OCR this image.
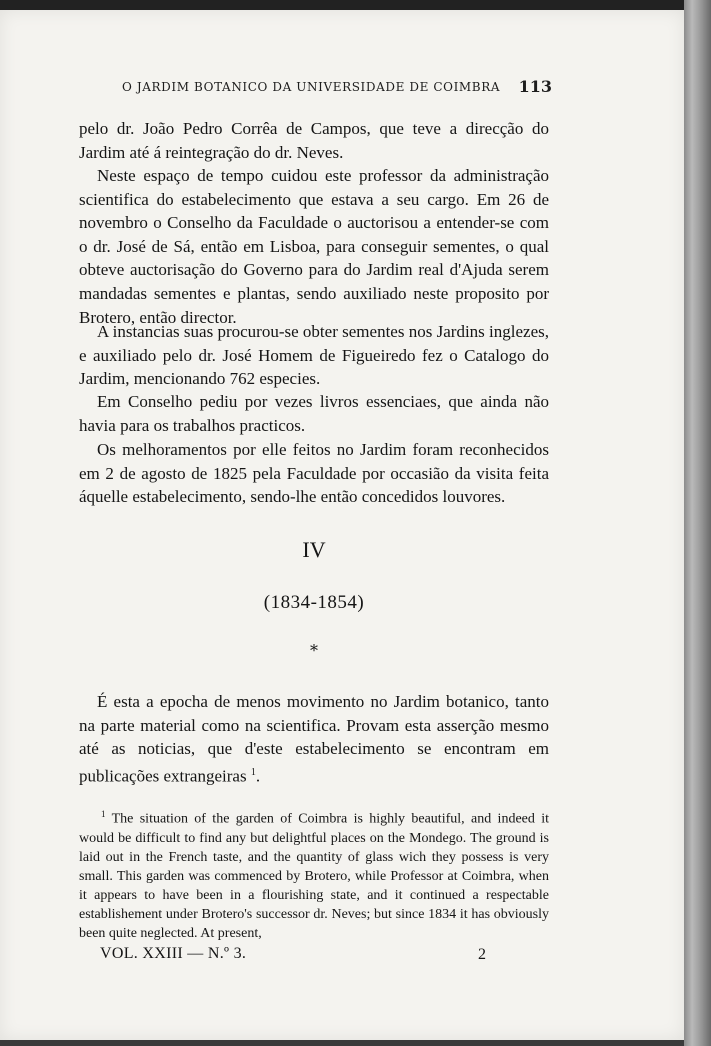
O JARDIM BOTANICO DA UNIVERSIDADE DE COIMBRA 113

pelo dr. João Pedro Corrêa de Campos, que teve a direcção do Jardim até á reintegração do dr. Neves.

Neste espaço de tempo cuidou este professor da administração scientifica do estabelecimento que estava a seu cargo. Em 26 de novembro o Conselho da Faculdade o auctorisou a entender-se com o dr. José de Sá, então em Lisboa, para conseguir sementes, o qual obteve auctorisação do Governo para do Jardim real d'Ajuda serem mandadas sementes e plantas, sendo auxiliado neste proposito por Brotero, então director.

A instancias suas procurou-se obter sementes nos Jardins inglezes, e auxiliado pelo dr. José Homem de Figueiredo fez o Catalogo do Jardim, mencionando 762 especies.

Em Conselho pediu por vezes livros essenciaes, que ainda não havia para os trabalhos practicos.

Os melhoramentos por elle feitos no Jardim foram reconhecidos em 2 de agosto de 1825 pela Faculdade por occasião da visita feita áquelle estabelecimento, sendo-lhe então concedidos louvores.

IV
(1834-1854)
*

É esta a epocha de menos movimento no Jardim botanico, tanto na parte material como na scientifica. Provam esta asserção mesmo até as noticias, que d'este estabelecimento se encontram em publicações extrangeiras $^1$.

$^1$ The situation of the garden of Coimbra is highly beautiful, and indeed it would be difficult to find any but delightful places on the Mondego. The ground is laid out in the French taste, and the quantity of glass wich they possess is very small. This garden was commenced by Brotero, while Professor at Coimbra, when it appears to have been in a flourishing state, and it continued a respectable establishement under Brotero's successor dr. Neves; but since 1834 it has obviously been quite neglected. At present,

VOL. XXIII — N.º 3.	2
